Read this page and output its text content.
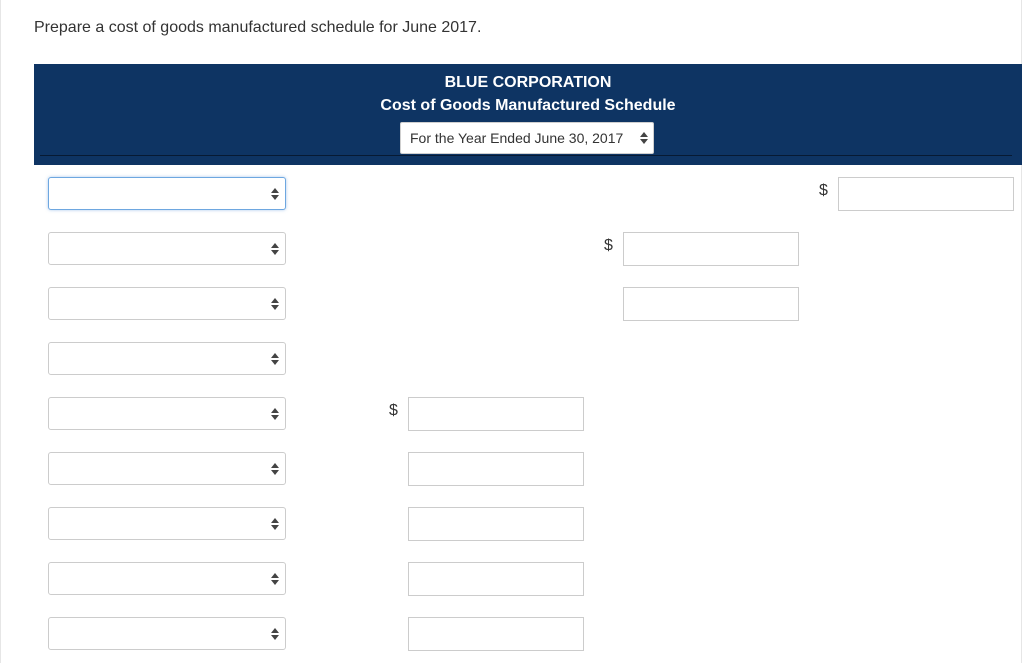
Prepare a cost of goods manufactured schedule for June 2017.
BLUE CORPORATION
Cost of Goods Manufactured Schedule
For the Year Ended June 30, 2017
$
$
$
